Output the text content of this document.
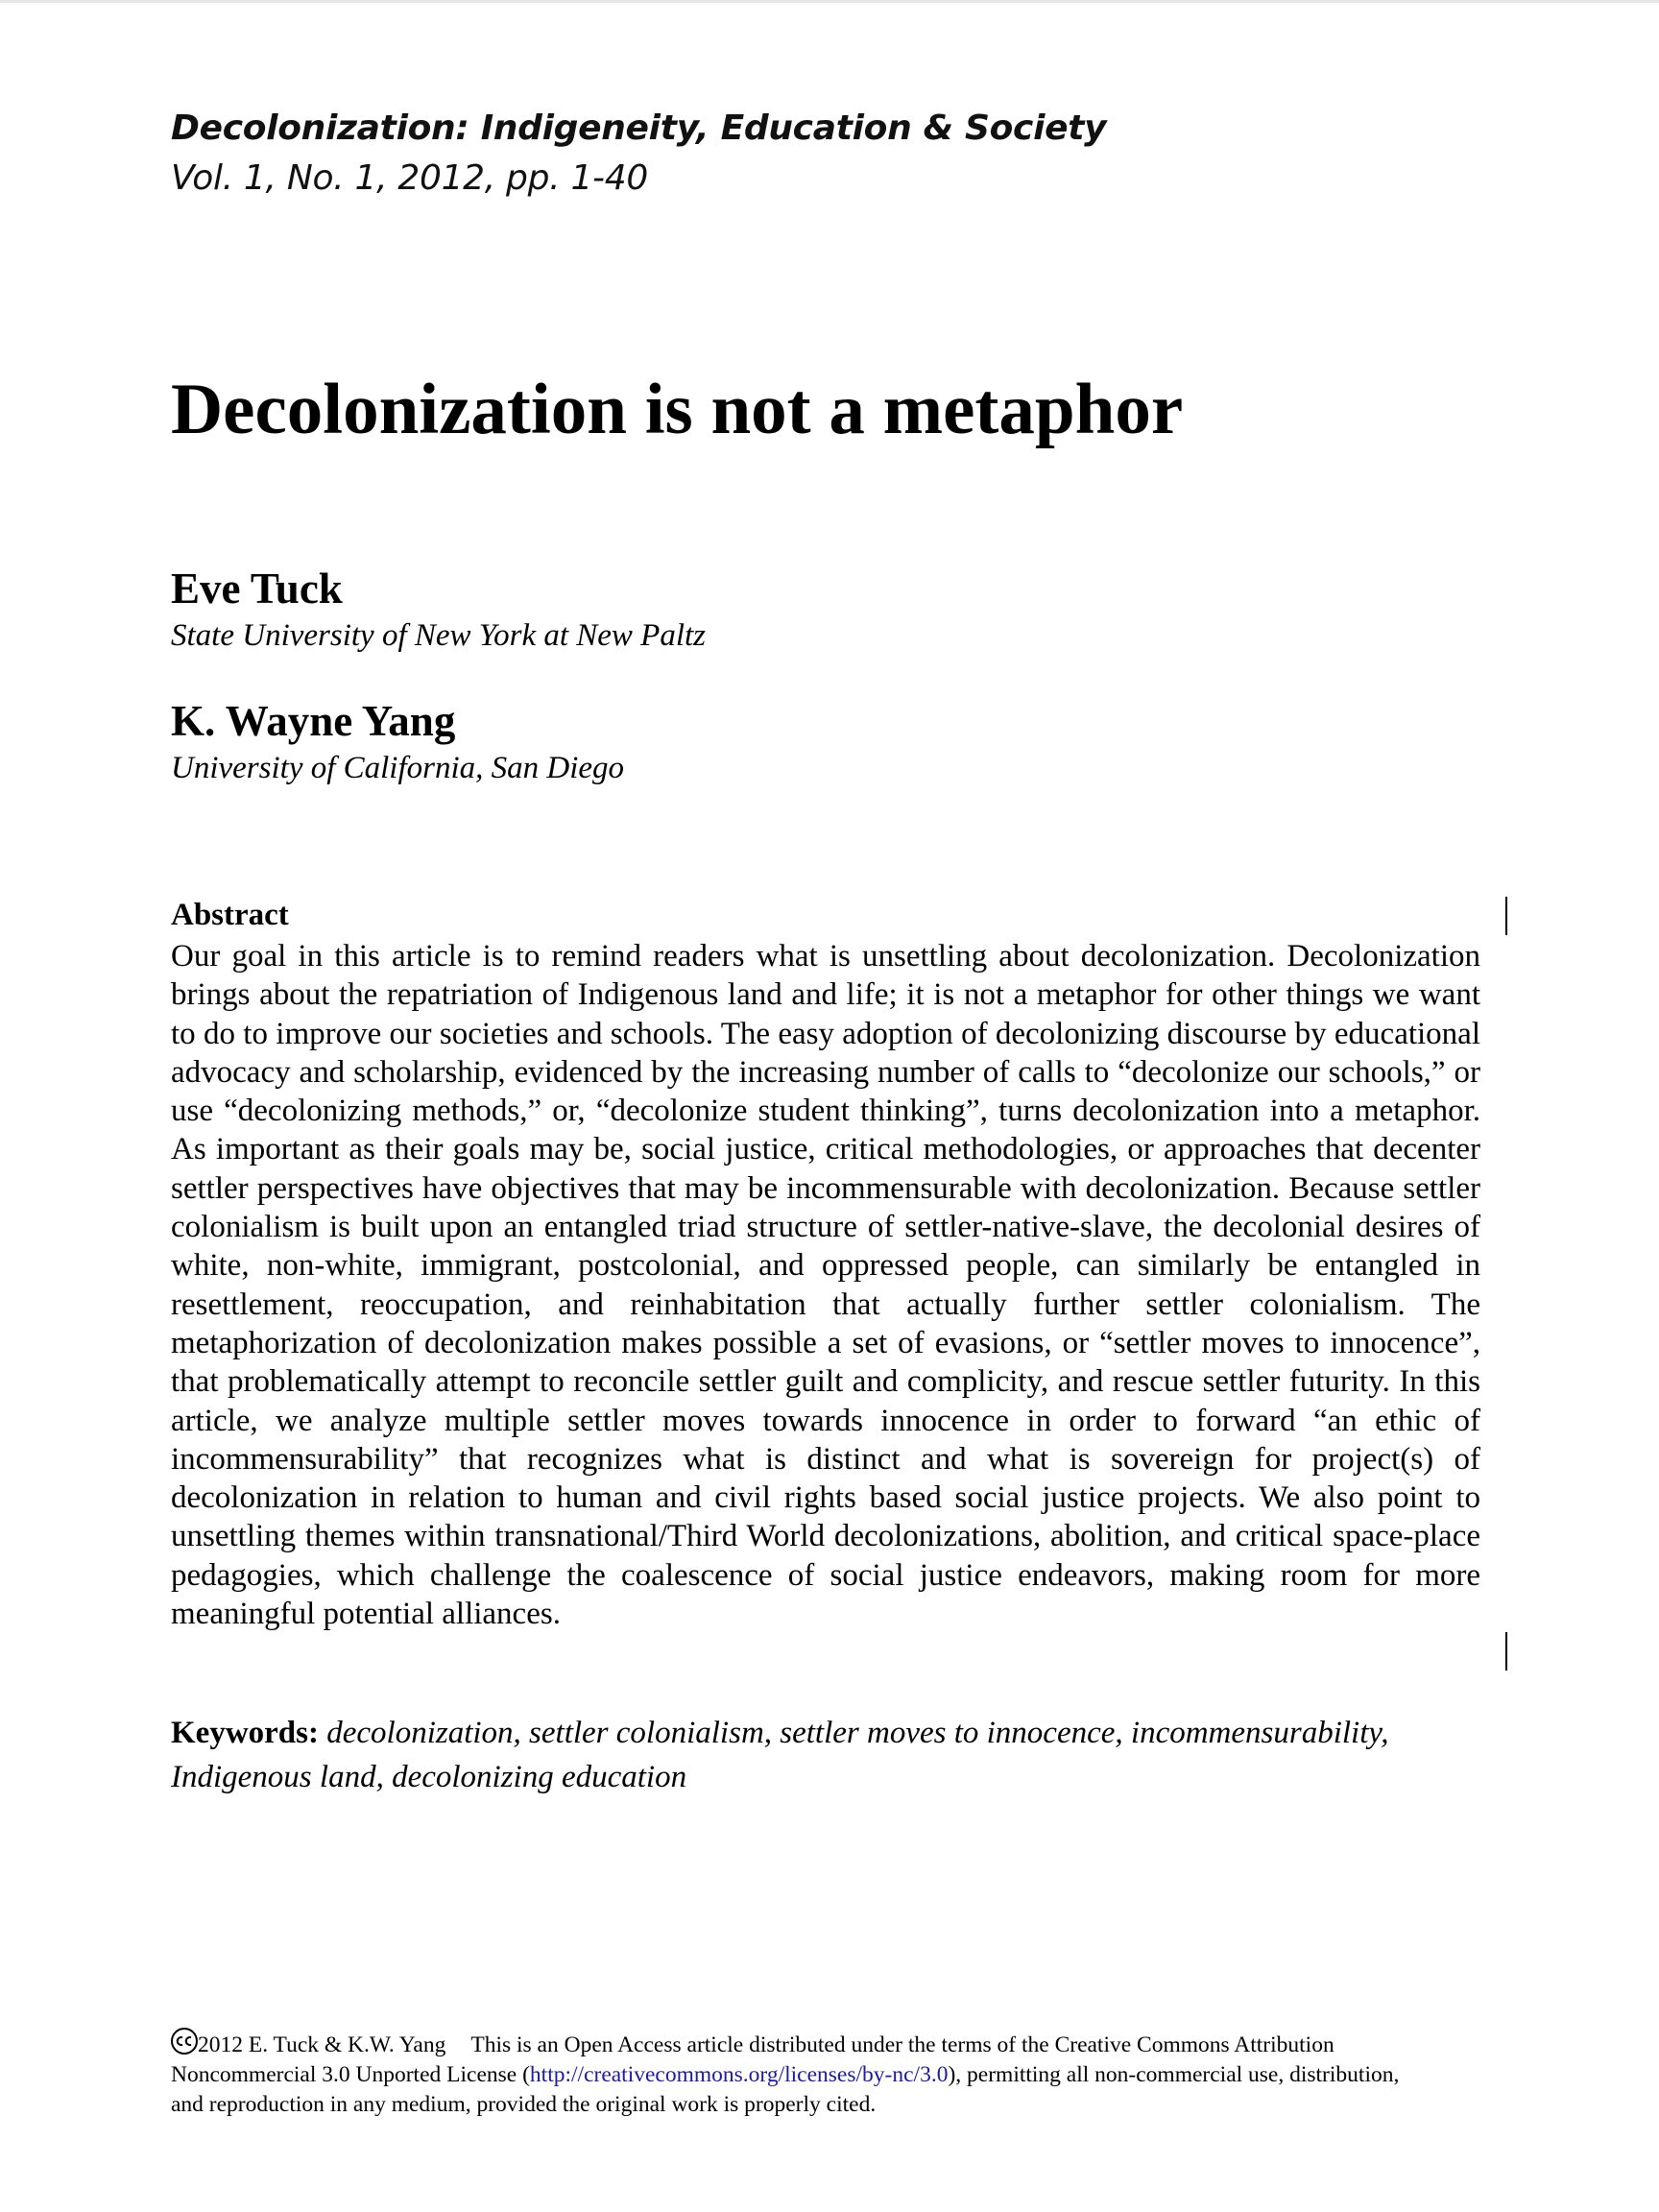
Decolonization: Indigeneity, Education & Society
Vol. 1, No. 1, 2012, pp. 1-40
Decolonization is not a metaphor
Eve Tuck
State University of New York at New Paltz
K. Wayne Yang
University of California, San Diego
Abstract

Our goal in this article is to remind readers what is unsettling about decolonization. Decolonization brings about the repatriation of Indigenous land and life; it is not a metaphor for other things we want to do to improve our societies and schools. The easy adoption of decolonizing discourse by educational advocacy and scholarship, evidenced by the increasing number of calls to “decolonize our schools,” or use “decolonizing methods,” or, “decolonize student thinking”, turns decolonization into a metaphor. As important as their goals may be, social justice, critical methodologies, or approaches that decenter settler perspectives have objectives that may be incommensurable with decolonization. Because settler colonialism is built upon an entangled triad structure of settler-native-slave, the decolonial desires of white, non-white, immigrant, postcolonial, and oppressed people, can similarly be entangled in resettlement, reoccupation, and reinhabitation that actually further settler colonialism. The metaphorization of decolonization makes possible a set of evasions, or “settler moves to innocence”, that problematically attempt to reconcile settler guilt and complicity, and rescue settler futurity. In this article, we analyze multiple settler moves towards innocence in order to forward “an ethic of incommensurability” that recognizes what is distinct and what is sovereign for project(s) of decolonization in relation to human and civil rights based social justice projects. We also point to unsettling themes within transnational/Third World decolonizations, abolition, and critical space-place pedagogies, which challenge the coalescence of social justice endeavors, making room for more meaningful potential alliances.

Keywords: decolonization, settler colonialism, settler moves to innocence, incommensurability, Indigenous land, decolonizing education
2012 E. Tuck & K.W. Yang This is an Open Access article distributed under the terms of the Creative Commons Attribution Noncommercial 3.0 Unported License (http://creativecommons.org/licenses/by-nc/3.0), permitting all non-commercial use, distribution, and reproduction in any medium, provided the original work is properly cited.
